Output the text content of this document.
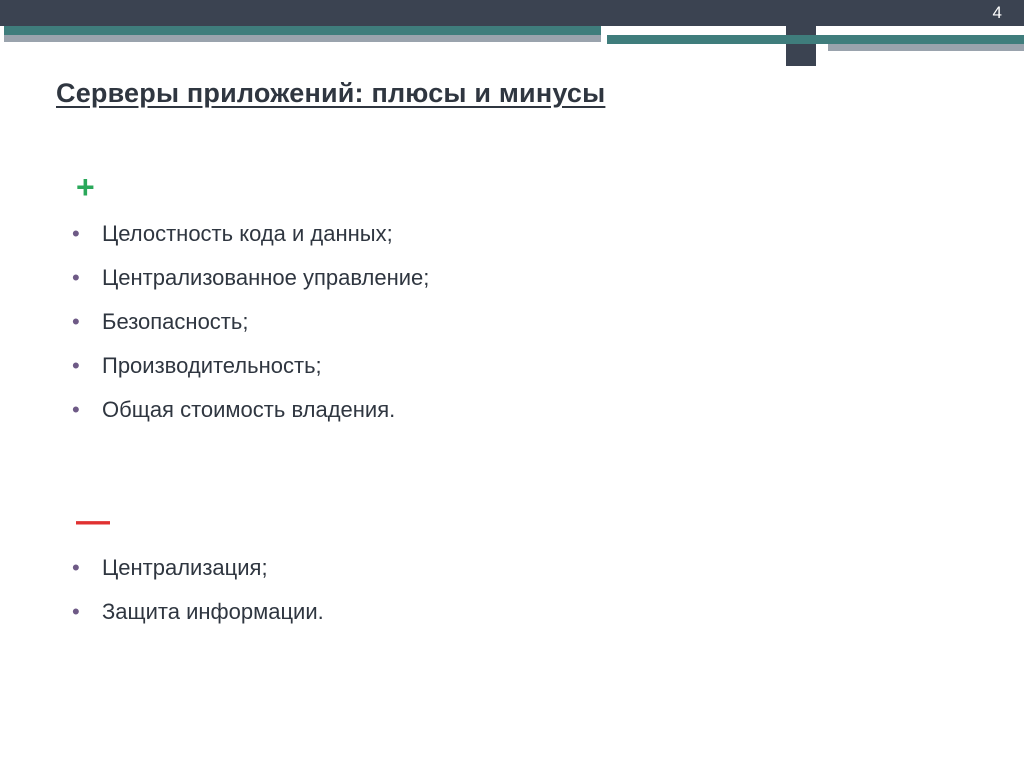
4
Серверы приложений: плюсы и минусы
+
• Целостность кода и данных;
• Централизованное управление;
• Безопасность;
• Производительность;
• Общая стоимость владения.
—
• Централизация;
• Защита информации.
